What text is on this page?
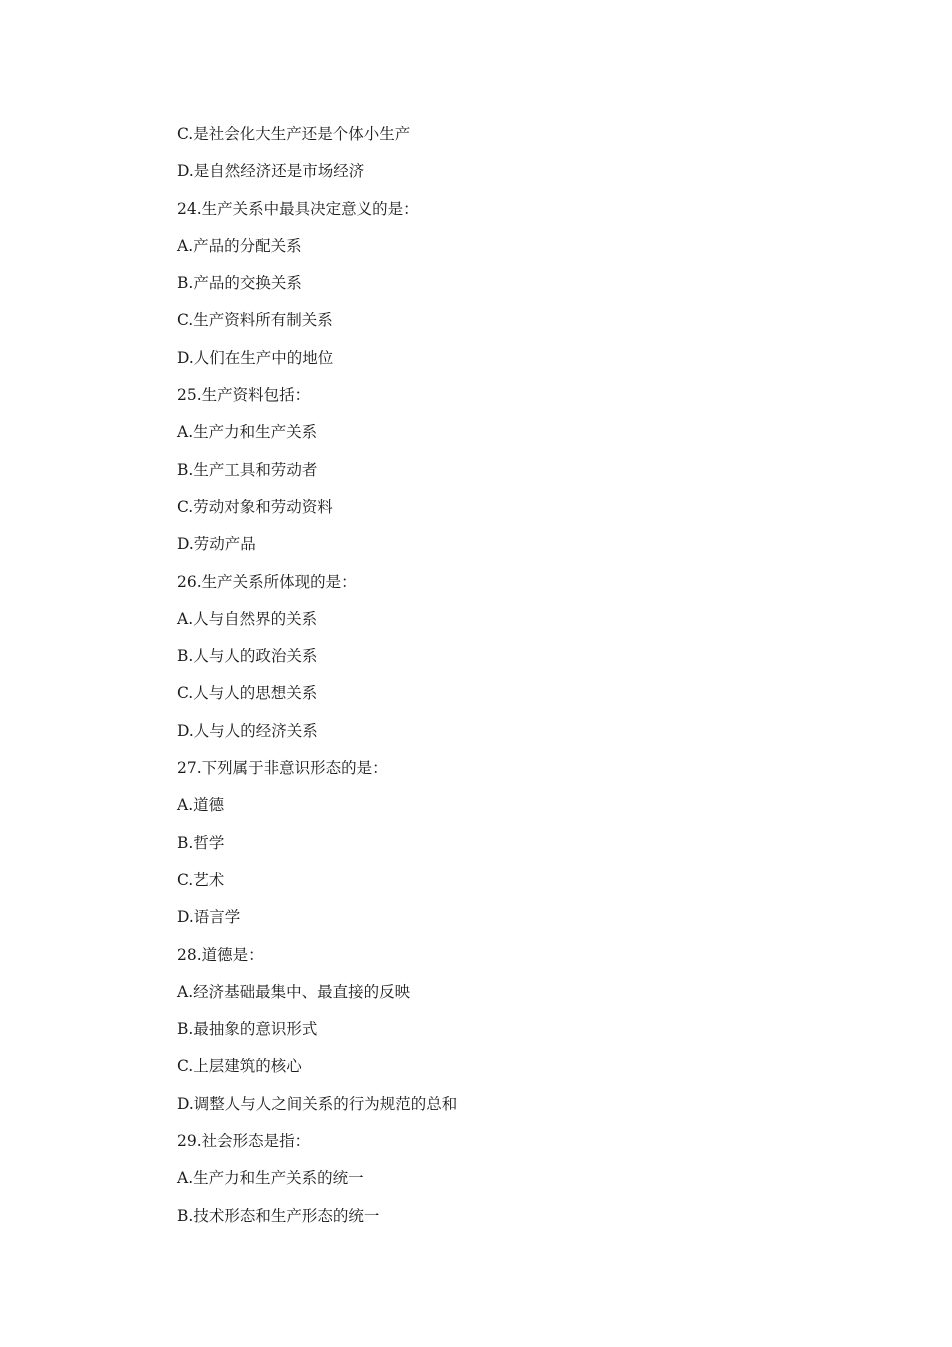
C.是社会化大生产还是个体小生产
D.是自然经济还是市场经济
24.生产关系中最具决定意义的是：
A.产品的分配关系
B.产品的交换关系
C.生产资料所有制关系
D.人们在生产中的地位
25.生产资料包括：
A.生产力和生产关系
B.生产工具和劳动者
C.劳动对象和劳动资料
D.劳动产品
26.生产关系所体现的是：
A.人与自然界的关系
B.人与人的政治关系
C.人与人的思想关系
D.人与人的经济关系
27.下列属于非意识形态的是：
A.道德
B.哲学
C.艺术
D.语言学
28.道德是：
A.经济基础最集中、最直接的反映
B.最抽象的意识形式
C.上层建筑的核心
D.调整人与人之间关系的行为规范的总和
29.社会形态是指：
A.生产力和生产关系的统一
B.技术形态和生产形态的统一
